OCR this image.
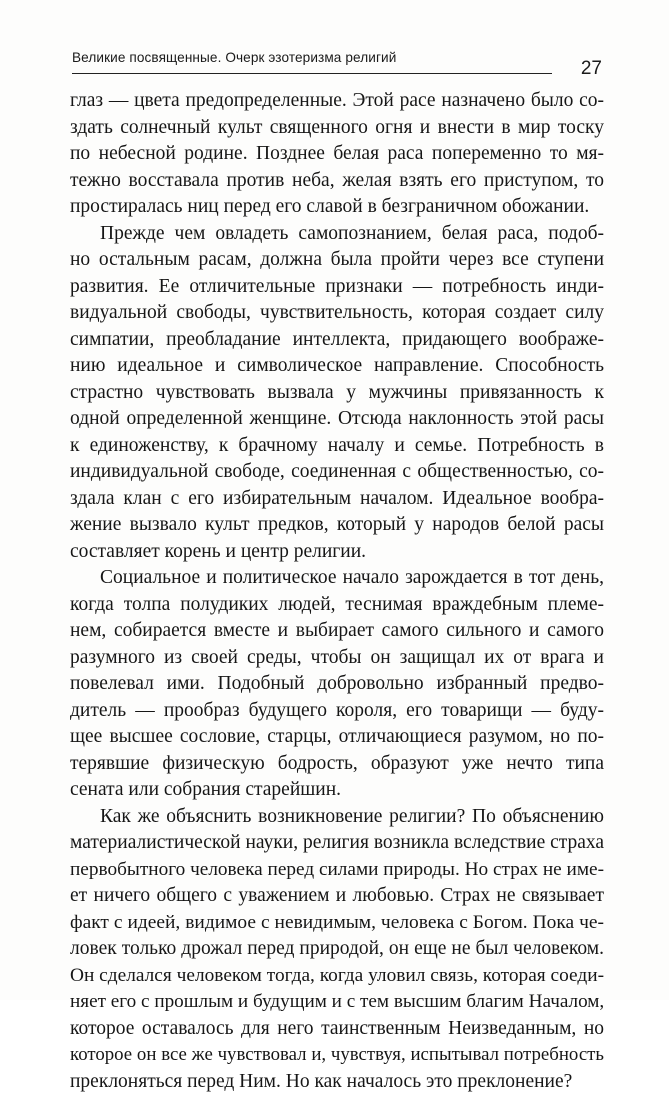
Великие посвященные. Очерк эзотеризма религий
27
глаз — цвета предопределенные. Этой расе назначено было со-
здать солнечный культ священного огня и внести в мир тоску
по небесной родине. Позднее белая раса попеременно то мя-
тежно восставала против неба, желая взять его приступом, то
простиралась ниц перед его славой в безграничном обожании.
Прежде чем овладеть самопознанием, белая раса, подоб-
но остальным расам, должна была пройти через все ступени
развития. Ее отличительные признаки — потребность инди-
видуальной свободы, чувствительность, которая создает силу
симпатии, преобладание интеллекта, придающего воображе-
нию идеальное и символическое направление. Способность
страстно чувствовать вызвала у мужчины привязанность к
одной определенной женщине. Отсюда наклонность этой расы
к единоженству, к брачному началу и семье. Потребность в
индивидуальной свободе, соединенная с общественностью, со-
здала клан с его избирательным началом. Идеальное вообра-
жение вызвало культ предков, который у народов белой расы
составляет корень и центр религии.
Социальное и политическое начало зарождается в тот день,
когда толпа полудиких людей, теснимая враждебным племе-
нем, собирается вместе и выбирает самого сильного и самого
разумного из своей среды, чтобы он защищал их от врага и
повелевал ими. Подобный добровольно избранный предво-
дитель — прообраз будущего короля, его товарищи — буду-
щее высшее сословие, старцы, отличающиеся разумом, но по-
терявшие физическую бодрость, образуют уже нечто типа
сената или собрания старейшин.
Как же объяснить возникновение религии? По объяснению
материалистической науки, религия возникла вследствие страха
первобытного человека перед силами природы. Но страх не име-
ет ничего общего с уважением и любовью. Страх не связывает
факт с идеей, видимое с невидимым, человека с Богом. Пока че-
ловек только дрожал перед природой, он еще не был человеком.
Он сделался человеком тогда, когда уловил связь, которая соеди-
няет его с прошлым и будущим и с тем высшим благим Началом,
которое оставалось для него таинственным Неизведанным, но
которое он все же чувствовал и, чувствуя, испытывал потребность
преклоняться перед Ним. Но как началось это преклонение?
